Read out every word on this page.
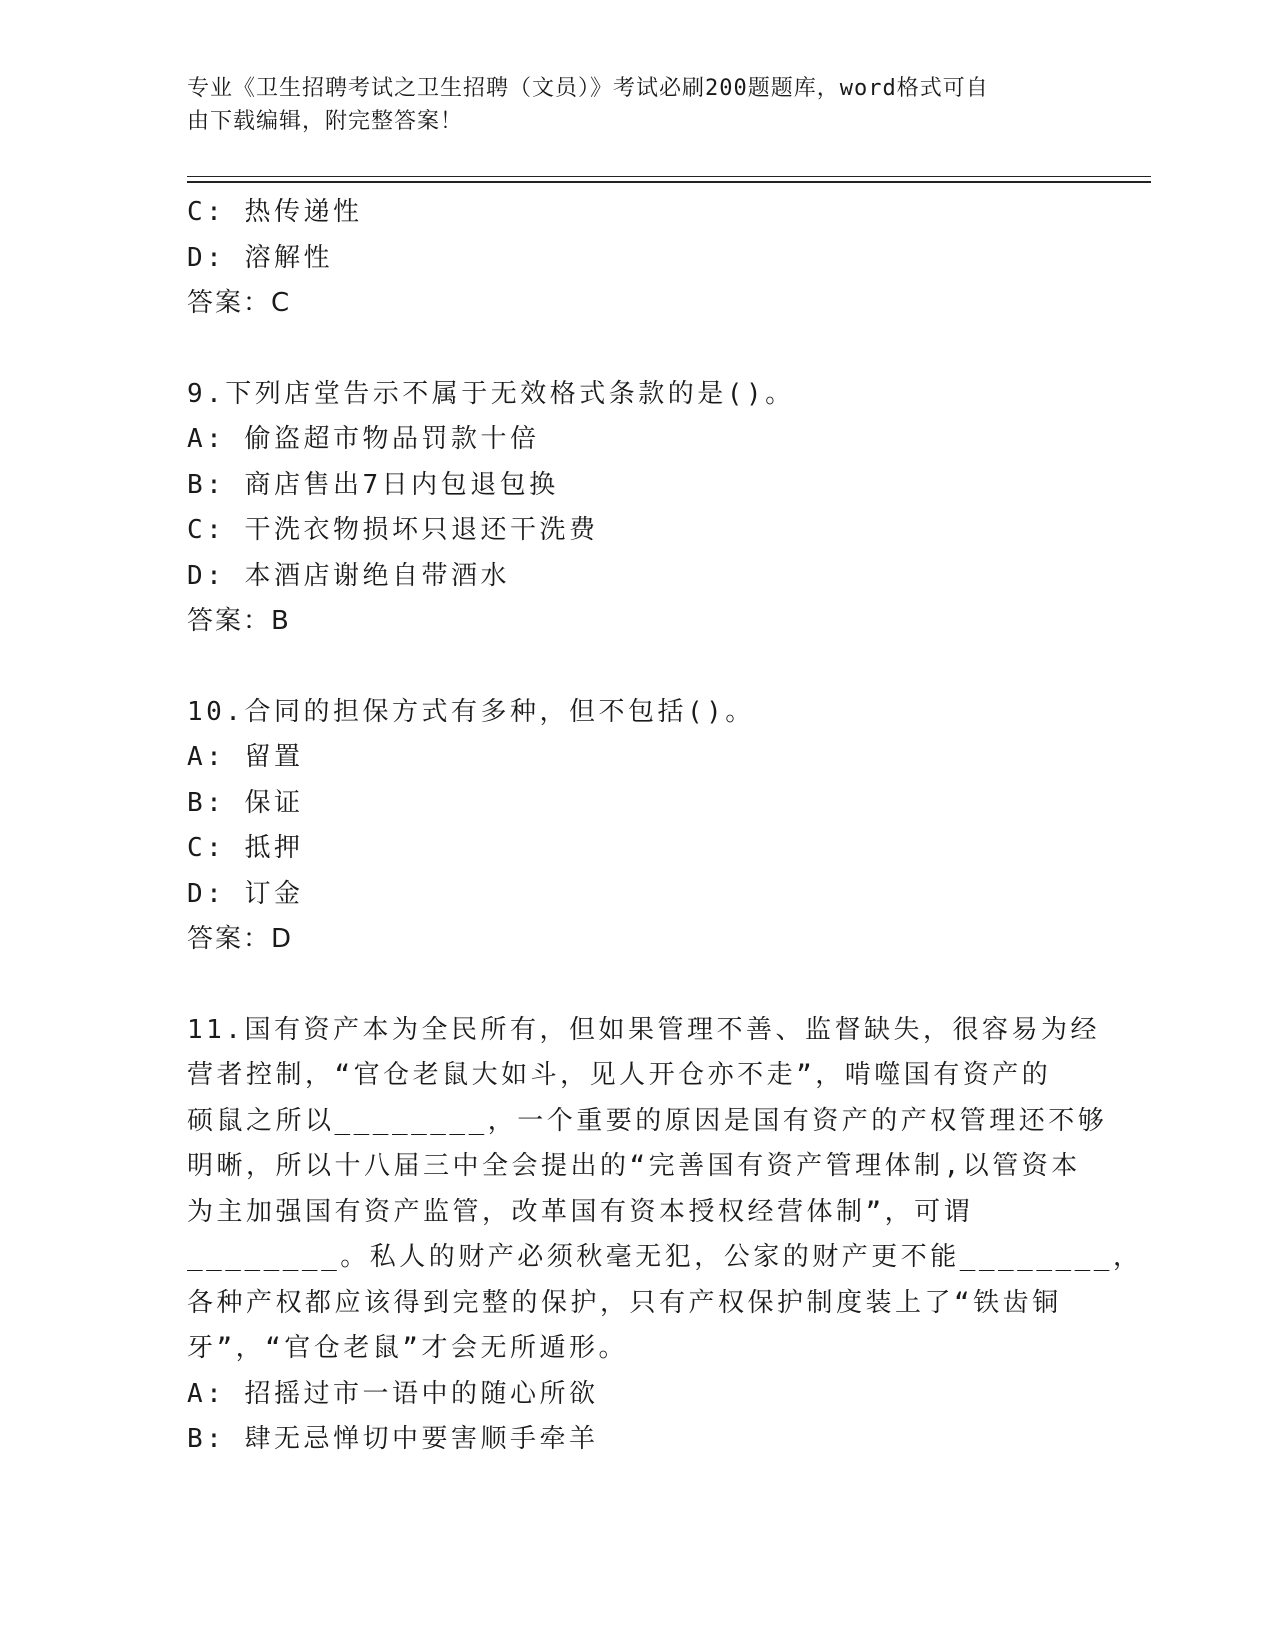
专业《卫生招聘考试之卫生招聘（文员）》考试必刷200题题库，word格式可自
由下载编辑，附完整答案！
C: 热传递性
D: 溶解性
答案：C
9.下列店堂告示不属于无效格式条款的是()。
A: 偷盗超市物品罚款十倍
B: 商店售出7日内包退包换
C: 干洗衣物损坏只退还干洗费
D: 本酒店谢绝自带酒水
答案：B
10.合同的担保方式有多种，但不包括()。
A: 留置
B: 保证
C: 抵押
D: 订金
答案：D
11.国有资产本为全民所有，但如果管理不善、监督缺失，很容易为经
营者控制，“官仓老鼠大如斗，见人开仓亦不走”，啃噬国有资产的
硕鼠之所以________，一个重要的原因是国有资产的产权管理还不够
明晰，所以十八届三中全会提出的“完善国有资产管理体制,以管资本
为主加强国有资产监管，改革国有资本授权经营体制”，可谓
________。私人的财产必须秋毫无犯，公家的财产更不能________，
各种产权都应该得到完整的保护，只有产权保护制度装上了“铁齿铜
牙”，“官仓老鼠”才会无所遁形。
A: 招摇过市一语中的随心所欲
B: 肆无忌惮切中要害顺手牵羊
